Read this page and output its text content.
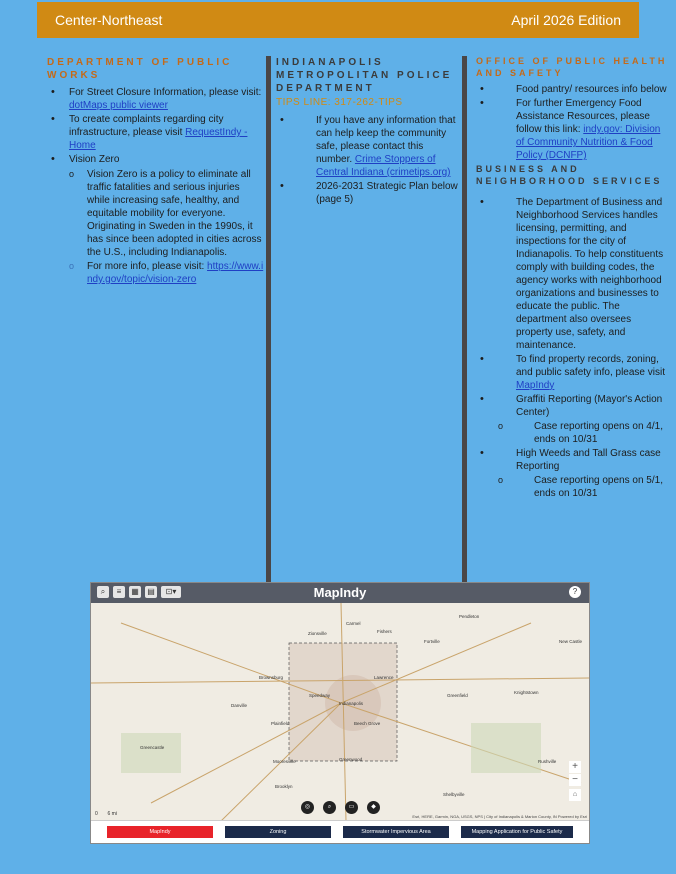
Center-Northeast	April 2026 Edition
DEPARTMENT OF PUBLIC WORKS
• For Street Closure Information, please visit: dotMaps public viewer
• To create complaints regarding city infrastructure, please visit RequestIndy - Home
• Vision Zero
o Vision Zero is a policy to eliminate all traffic fatalities and serious injuries while increasing safe, healthy, and equitable mobility for everyone. Originating in Sweden in the 1990s, it has since been adopted in cities across the U.S., including Indianapolis.
o For more info, please visit: https://www.indy.gov/topic/vision-zero
INDIANAPOLIS METROPOLITAN POLICE DEPARTMENT
TIPS LINE: 317-262-TIPS
• If you have any information that can help keep the community safe, please contact this number. Crime Stoppers of Central Indiana (crimetips.org)
• 2026-2031 Strategic Plan below (page 5)
OFFICE OF PUBLIC HEALTH AND SAFETY
• Food pantry/ resources info below
• For further Emergency Food Assistance Resources, please follow this link: indy.gov: Division of Community Nutrition & Food Policy (DCNFP)
BUSINESS AND NEIGHBORHOOD SERVICES
• The Department of Business and Neighborhood Services handles licensing, permitting, and inspections for the city of Indianapolis. To help constituents comply with building codes, the agency works with neighborhood organizations and businesses to educate the public. The department also oversees property use, safety, and maintenance.
• To find property records, zoning, and public safety info, please visit MapIndy
• Graffiti Reporting (Mayor's Action Center)
o Case reporting opens on 4/1, ends on 10/31
• High Weeds and Tall Grass case Reporting
o Case reporting opens on 5/1, ends on 10/31
MapIndy
⌕	≡	▦ ▤	⊡▾	?
Zionsville
Carmel
Fishers
Pendleton
Brownsburg	Lawrence
Speedway
Indianapolis
Danville
Plainfield	Beech Grove
Greenfield
Knightstown
Mooresville	Greenwood
Greencastle
Brooklyn
Shelbyville
Rushville
Fortville	New Castle
◎	⌕	▭	◆
+
−
⌂
0       6 mi	Esri, HERE, Garmin, NGA, USGS, NPS | City of Indianapolis & Marion County, IN Powered by Esri
MapIndy	Zoning	Stormwater Impervious Area	Mapping Application for Public Safety
